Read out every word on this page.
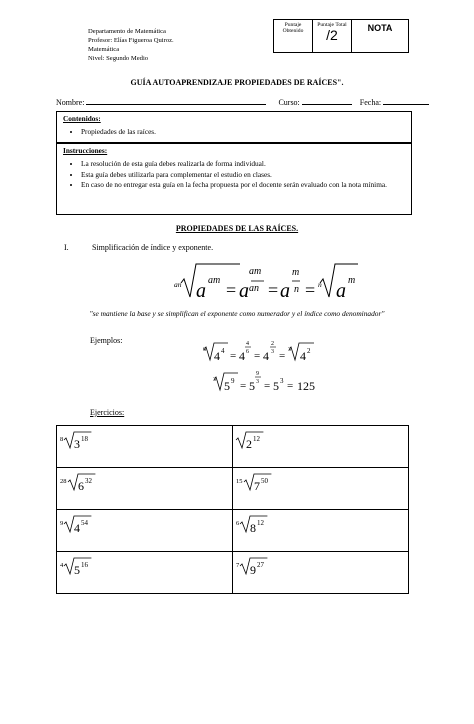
Departamento de Matemática
Profesor: Elías Figueroa Quiroz.
Matemática
Nivel: Segundo Medio
Puntaje Obtenido	Puntaje Total
/2	NOTA
GUÍA AUTOAPRENDIZAJE PROPIEDADES DE RAÍCES".
Nombre:	Curso:	Fecha:
Contenidos:
• Propiedades de las raíces.
Instrucciones:
• La resolución de esta guía debes realizarla de forma individual.
• Esta guía debes utilizarla para complementar el estudio en clases.
• En caso de no entregar esta guía en la fecha propuesta por el docente serán evaluado con la nota mínima.
PROPIEDADES DE LAS RAÍCES.
I.	Simplificación de índice y exponente.
an a am = a
am
an = a
m
n = n a m
"se mantiene la base y se simplifican el exponente como numerador y el índice como denominador"
Ejemplos:
6 4 4 = 4
4
6 = 4
2
3 = 3 4 2
3 5 9 = 5
9
3 = 5 3 = 125
Ejercicios:
8 3 18	2 12

28 6 32	15 7 50

9 4 54	6 8 12

4 5 16	7 9 27
